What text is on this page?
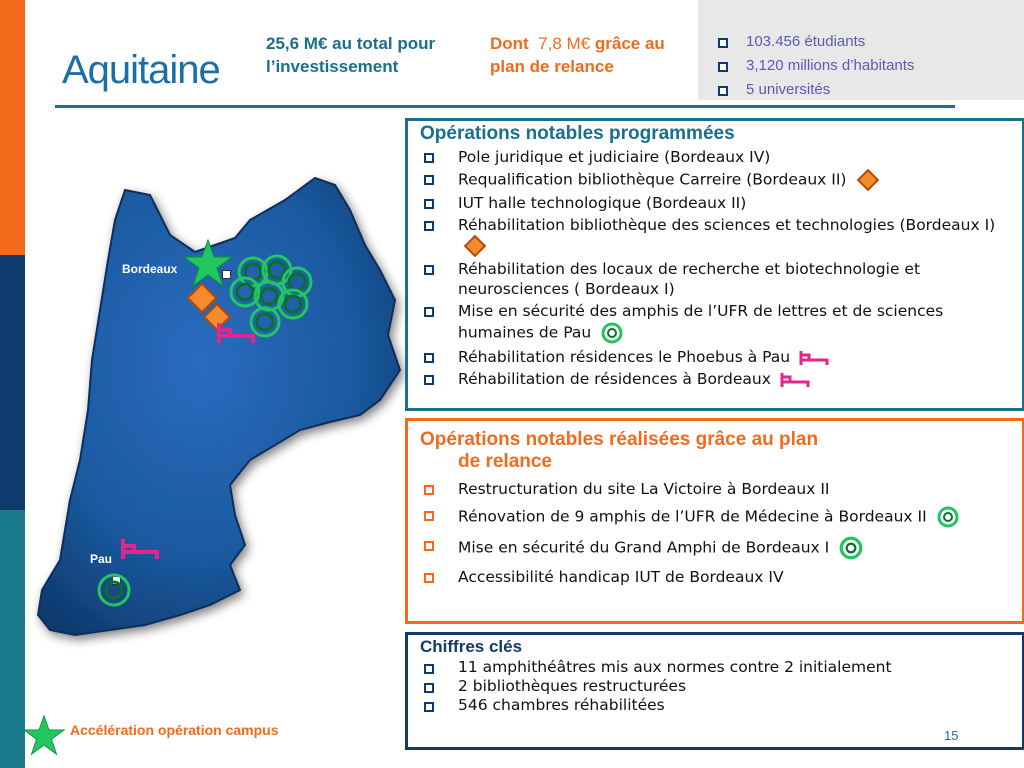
Aquitaine
25,6 M€ au total pour l’investissement
Dont 7,8 M€ grâce au plan de relance
103.456 étudiants
3,120 millions d’habitants
5 universités
Bordeaux
Pau
Opérations notables programmées
Pole juridique et judiciaire (Bordeaux IV)
Requalification bibliothèque Carreire (Bordeaux II)
IUT halle technologique (Bordeaux II)
Réhabilitation bibliothèque des sciences et technologies (Bordeaux I)
Réhabilitation des locaux de recherche et biotechnologie et neurosciences ( Bordeaux I)
Mise en sécurité des amphis de l’UFR de lettres et de sciences humaines de Pau
Réhabilitation résidences le Phoebus à Pau
Réhabilitation de résidences à Bordeaux
Opérations notables réalisées grâce au plan
de relance
Restructuration du site La Victoire à Bordeaux II
Rénovation de 9 amphis de l’UFR de Médecine à Bordeaux II
Mise en sécurité du Grand Amphi de Bordeaux I
Accessibilité handicap IUT de Bordeaux IV
Chiffres clés
11 amphithéâtres mis aux normes contre 2 initialement
2 bibliothèques restructurées
546 chambres réhabilitées
Accélération opération campus	15
